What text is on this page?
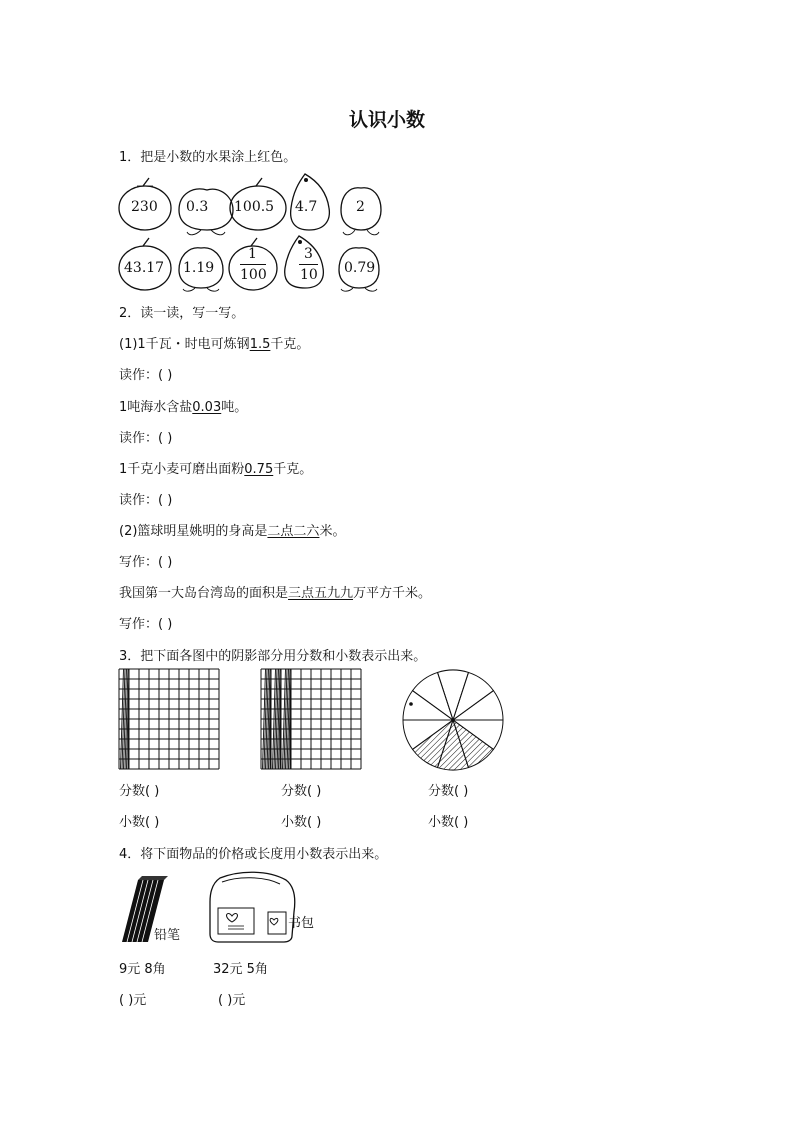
认识小数
1．把是小数的水果涂上红色。
230 0.3 100.5 4.7	2
43.17 1.19
1
100
3
10 0.79
2．读一读，写一写。
(1)1千瓦・时电可炼钢1.5千克。
读作：( )
1吨海水含盐0.03吨。
读作：( )
1千克小麦可磨出面粉0.75千克。
读作：( )
(2)篮球明星姚明的身高是二点二六米。
写作：( )
我国第一大岛台湾岛的面积是三点五九九万平方千米。
写作：( )
3．把下面各图中的阴影部分用分数和小数表示出来。
分数( )
小数( )
分数( )
小数( )
分数( )
小数( )
4．将下面物品的价格或长度用小数表示出来。
铅笔
书包
9元 8角	32元 5角
( )元	( )元
